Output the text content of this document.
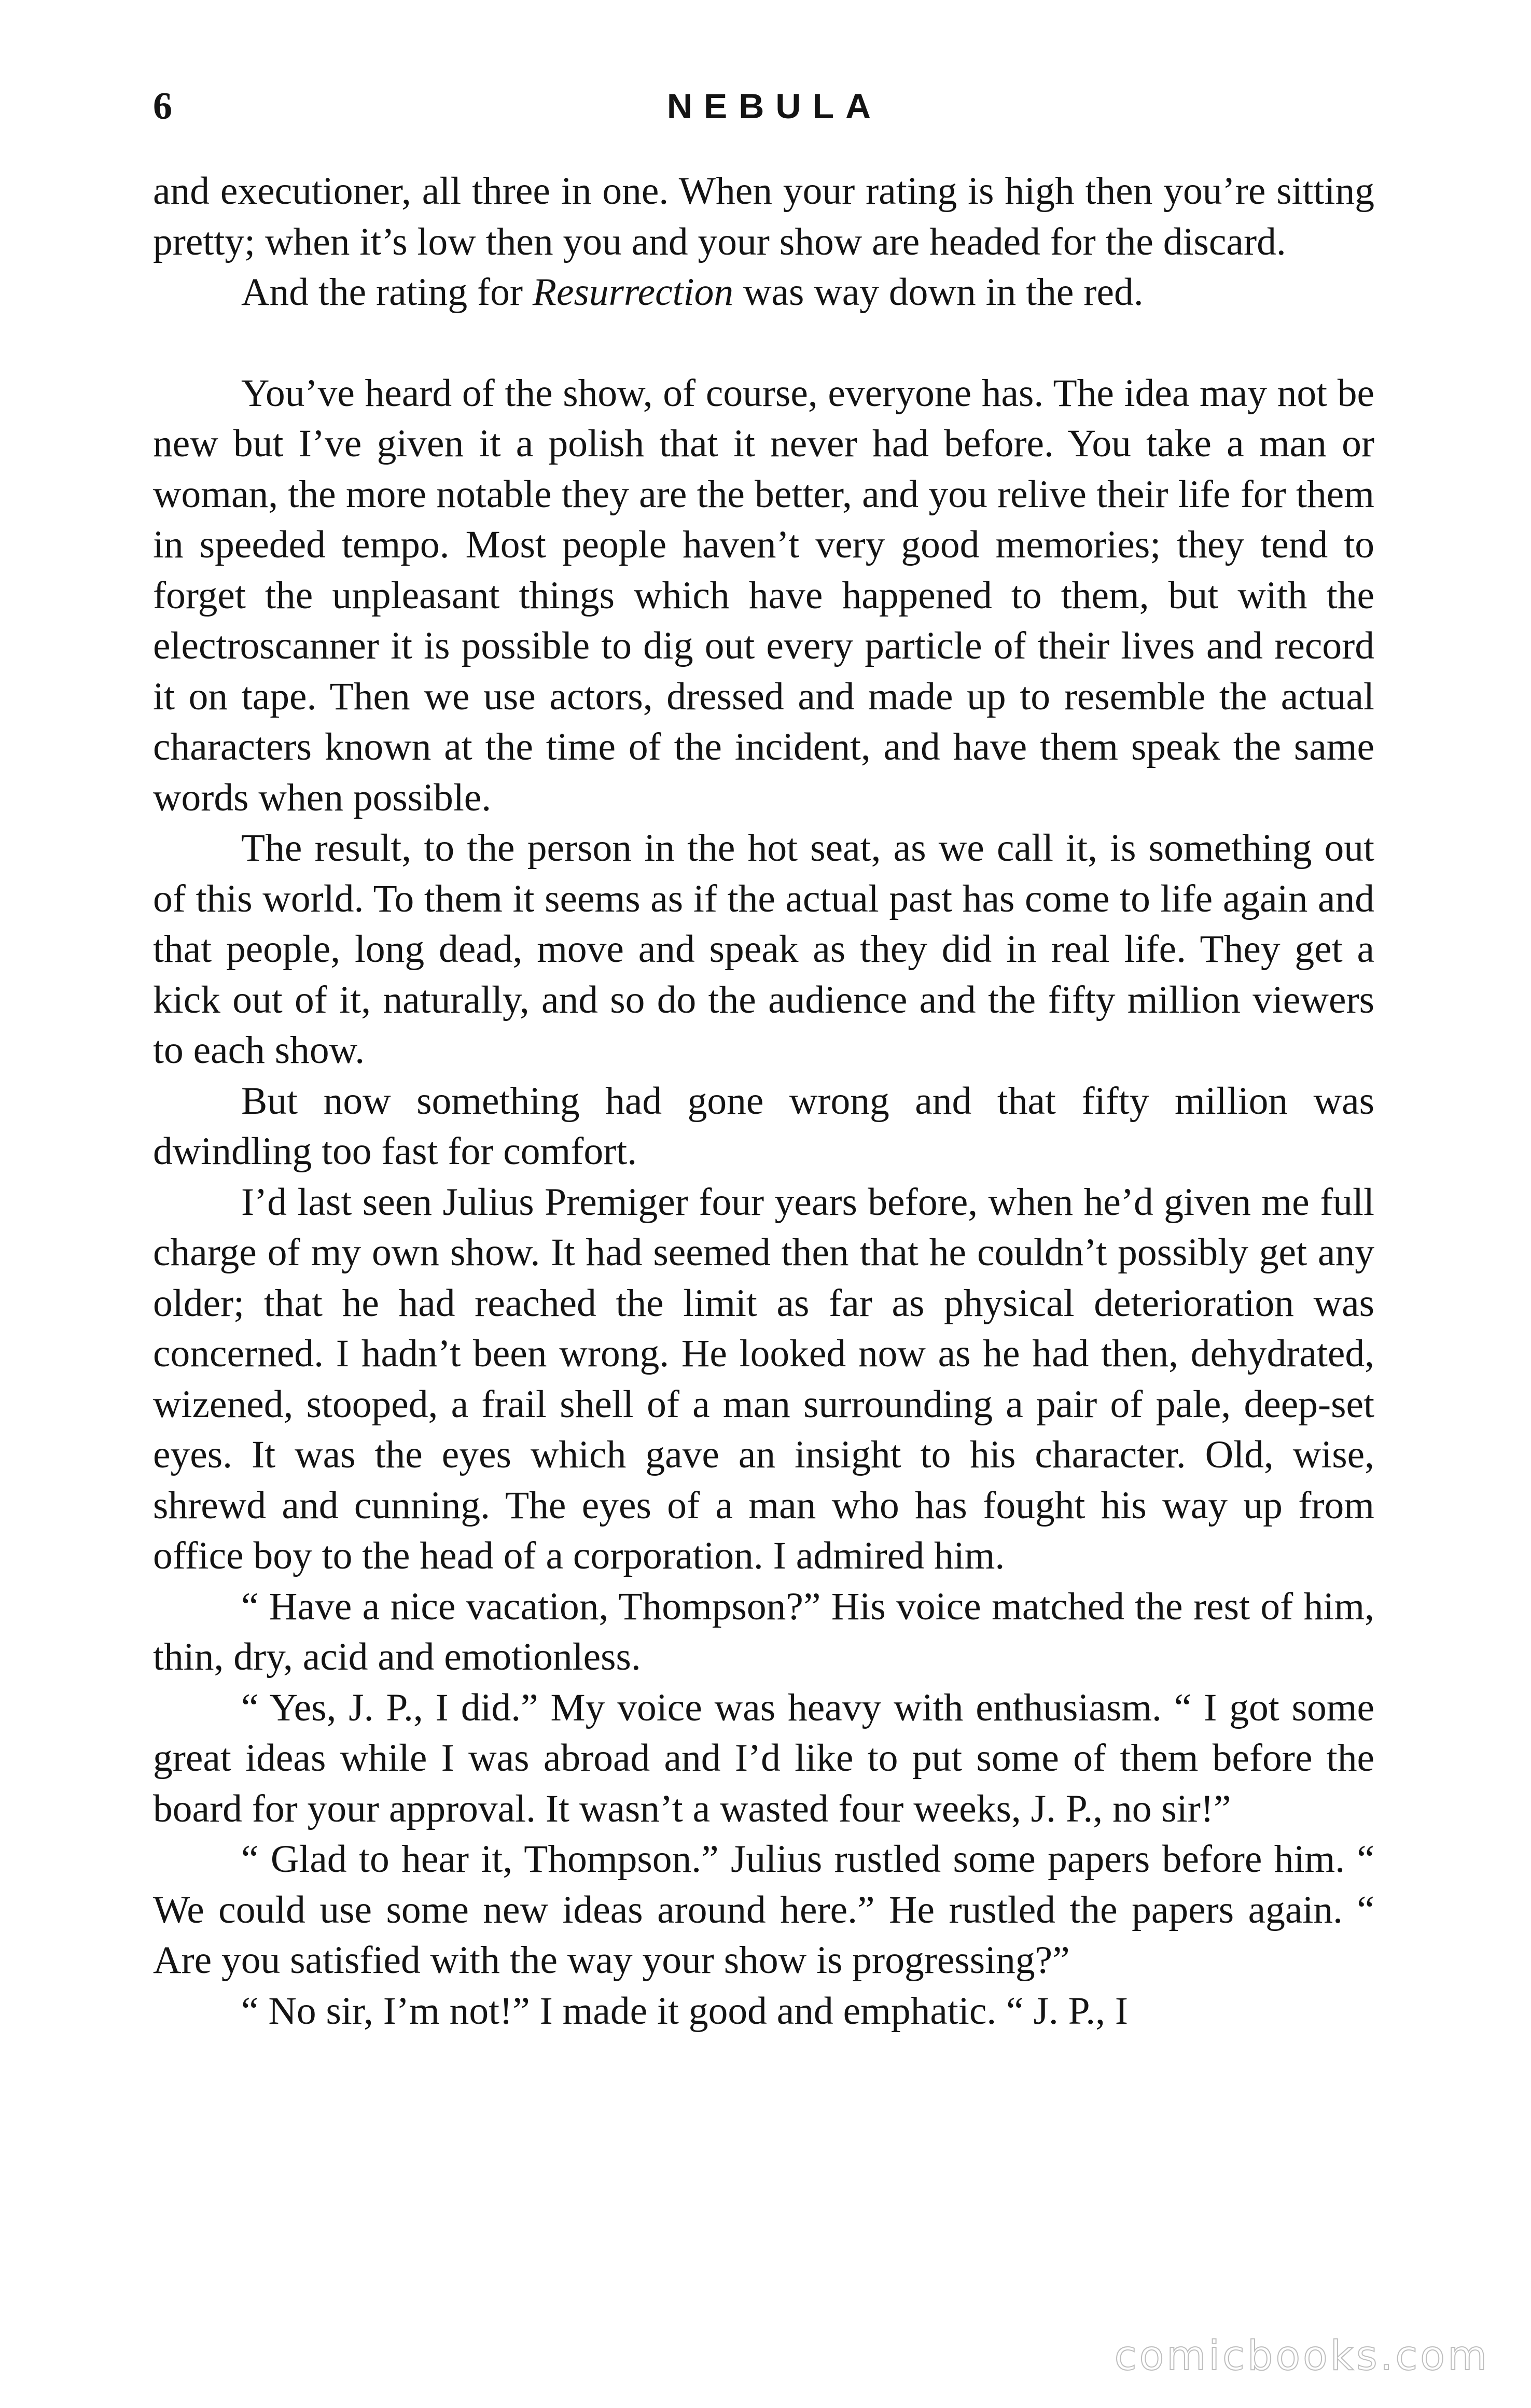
6	NEBULA

and executioner, all three in one. When your rating is high then you’re sitting pretty; when it’s low then you and your show are headed for the discard.

And the rating for Resurrection was way down in the red.

You’ve heard of the show, of course, everyone has. The idea may not be new but I’ve given it a polish that it never had before. You take a man or woman, the more notable they are the better, and you relive their life for them in speeded tempo. Most people haven’t very good memories; they tend to forget the unpleasant things which have happened to them, but with the electroscanner it is possible to dig out every particle of their lives and record it on tape. Then we use actors, dressed and made up to resemble the actual characters known at the time of the incident, and have them speak the same words when possible.

The result, to the person in the hot seat, as we call it, is something out of this world. To them it seems as if the actual past has come to life again and that people, long dead, move and speak as they did in real life. They get a kick out of it, naturally, and so do the audience and the fifty million viewers to each show.

But now something had gone wrong and that fifty million was dwindling too fast for comfort.

I’d last seen Julius Premiger four years before, when he’d given me full charge of my own show. It had seemed then that he couldn’t possibly get any older; that he had reached the limit as far as physical deterioration was concerned. I hadn’t been wrong. He looked now as he had then, dehydrated, wizened, stooped, a frail shell of a man surrounding a pair of pale, deep-set eyes. It was the eyes which gave an insight to his character. Old, wise, shrewd and cunning. The eyes of a man who has fought his way up from office boy to the head of a corporation. I admired him.

“ Have a nice vacation, Thompson?” His voice matched the rest of him, thin, dry, acid and emotionless.

“ Yes, J. P., I did.” My voice was heavy with enthusiasm. “ I got some great ideas while I was abroad and I’d like to put some of them before the board for your approval. It wasn’t a wasted four weeks, J. P., no sir!”

“ Glad to hear it, Thompson.” Julius rustled some papers before him. “ We could use some new ideas around here.” He rustled the papers again. “ Are you satisfied with the way your show is progressing?”

“ No sir, I’m not!” I made it good and emphatic. “ J. P., I

comicbooks.com
